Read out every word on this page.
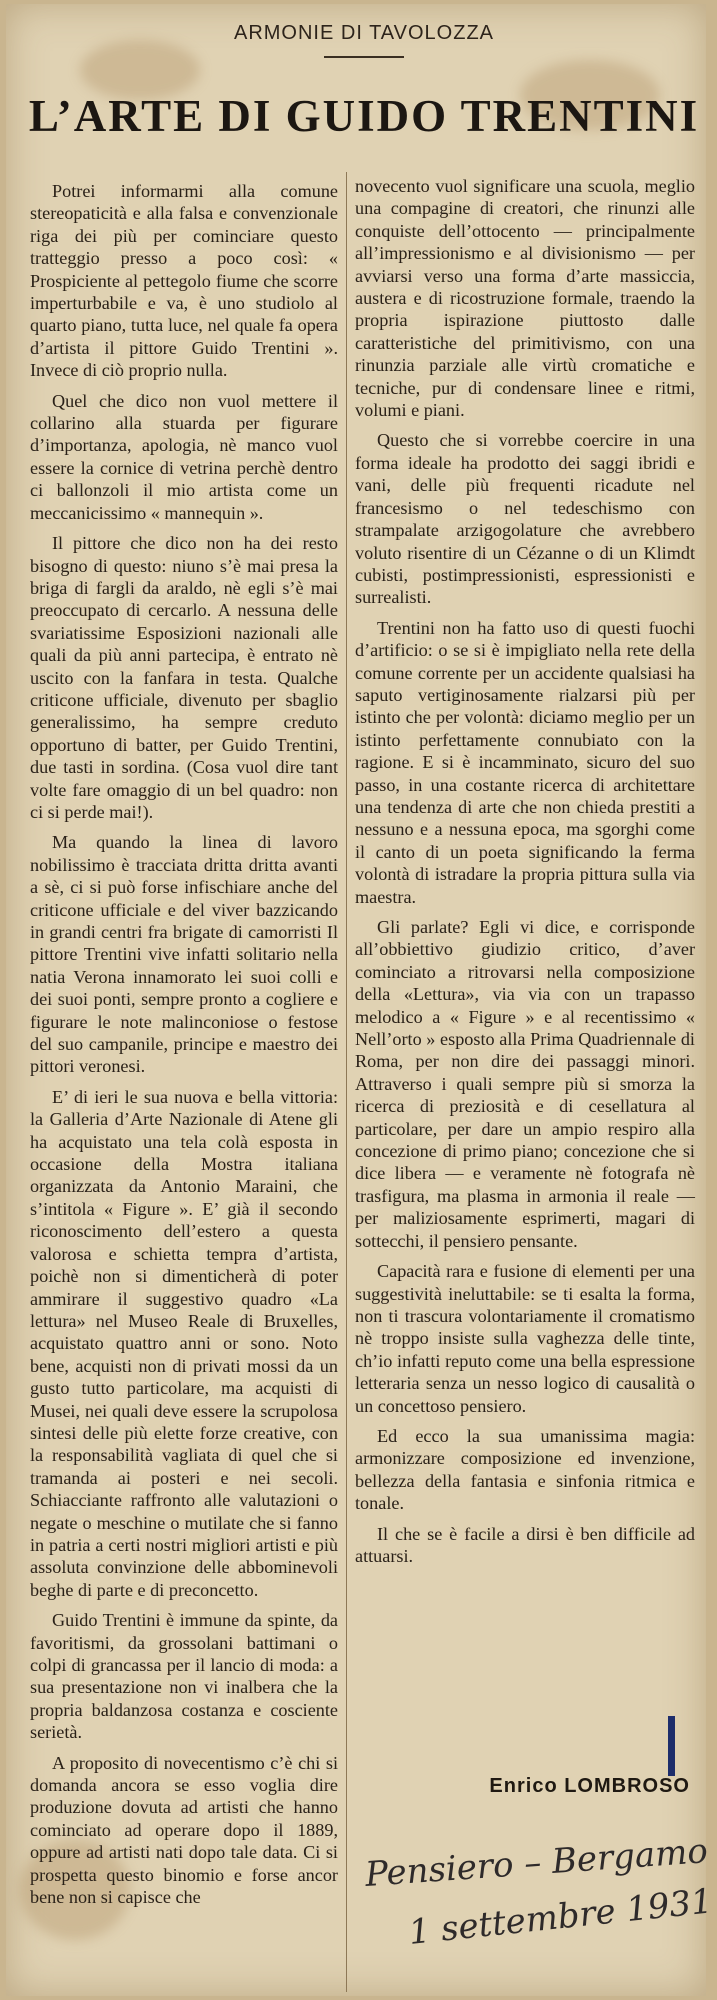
ARMONIE DI TAVOLOZZA
L’ARTE DI GUIDO TRENTINI

Potrei informarmi alla comune stereopaticità e alla falsa e convenzionale riga dei più per cominciare questo tratteggio presso a poco così: « Prospiciente al pettegolo fiume che scorre imperturbabile e va, è uno studiolo al quarto piano, tutta luce, nel quale fa opera d’artista il pittore Guido Trentini ». Invece di ciò proprio nulla.

Quel che dico non vuol mettere il collarino alla stuarda per figurare d’importanza, apologia, nè manco vuol essere la cornice di vetrina perchè dentro ci ballonzoli il mio artista come un meccanicissimo « mannequin ».

Il pittore che dico non ha dei resto bisogno di questo: niuno s’è mai presa la briga di fargli da araldo, nè egli s’è mai preoccupato di cercarlo. A nessuna delle svariatissime Esposizioni nazionali alle quali da più anni partecipa, è entrato nè uscito con la fanfara in testa. Qualche criticone ufficiale, divenuto per sbaglio generalissimo, ha sempre creduto opportuno di batter, per Guido Trentini, due tasti in sordina. (Cosa vuol dire tant volte fare omaggio di un bel quadro: non ci si perde mai!).

Ma quando la linea di lavoro nobilissimo è tracciata dritta dritta avanti a sè, ci si può forse infischiare anche del criticone ufficiale e del viver bazzicando in grandi centri fra brigate di camorristi Il pittore Trentini vive infatti solitario nella natia Verona innamorato lei suoi colli e dei suoi ponti, sempre pronto a cogliere e figurare le note malinconiose o festose del suo campanile, principe e maestro dei pittori veronesi.

E’ di ieri le sua nuova e bella vittoria: la Galleria d’Arte Nazionale di Atene gli ha acquistato una tela colà esposta in occasione della Mostra italiana organizzata da Antonio Maraini, che s’intitola « Figure ». E’ già il secondo riconoscimento dell’estero a questa valorosa e schietta tempra d’artista, poichè non si dimenticherà di poter ammirare il suggestivo quadro «La lettura» nel Museo Reale di Bruxelles, acquistato quattro anni or sono. Noto bene, acquisti non di privati mossi da un gusto tutto particolare, ma acquisti di Musei, nei quali deve essere la scrupolosa sintesi delle più elette forze creative, con la responsabilità vagliata di quel che si tramanda ai posteri e nei secoli. Schiacciante raffronto alle valutazioni o negate o meschine o mutilate che si fanno in patria a certi nostri migliori artisti e più assoluta convinzione delle abbominevoli beghe di parte e di preconcetto.

Guido Trentini è immune da spinte, da favoritismi, da grossolani battimani o colpi di grancassa per il lancio di moda: a sua presentazione non vi inalbera che la propria baldanzosa costanza e cosciente serietà.

A proposito di novecentismo c’è chi si domanda ancora se esso voglia dire produzione dovuta ad artisti che hanno cominciato ad operare dopo il 1889, oppure ad artisti nati dopo tale data. Ci si prospetta questo binomio e forse ancor bene non si capisce che

novecento vuol significare una scuola, meglio una compagine di creatori, che rinunzi alle conquiste dell’ottocento — principalmente all’impressionismo e al divisionismo — per avviarsi verso una forma d’arte massiccia, austera e di ricostruzione formale, traendo la propria ispirazione piuttosto dalle caratteristiche del primitivismo, con una rinunzia parziale alle virtù cromatiche e tecniche, pur di condensare linee e ritmi, volumi e piani.

Questo che si vorrebbe coercire in una forma ideale ha prodotto dei saggi ibridi e vani, delle più frequenti ricadute nel francesismo o nel tedeschismo con strampalate arzigogolature che avrebbero voluto risentire di un Cézanne o di un Klimdt cubisti, postimpressionisti, espressionisti e surrealisti.

Trentini non ha fatto uso di questi fuochi d’artificio: o se si è impigliato nella rete della comune corrente per un accidente qualsiasi ha saputo vertiginosamente rialzarsi più per istinto che per volontà: diciamo meglio per un istinto perfettamente connubiato con la ragione. E si è incamminato, sicuro del suo passo, in una costante ricerca di architettare una tendenza di arte che non chieda prestiti a nessuno e a nessuna epoca, ma sgorghi come il canto di un poeta significando la ferma volontà di istradare la propria pittura sulla via maestra.

Gli parlate? Egli vi dice, e corrisponde all’obbiettivo giudizio critico, d’aver cominciato a ritrovarsi nella composizione della «Lettura», via via con un trapasso melodico a « Figure » e al recentissimo « Nell’orto » esposto alla Prima Quadriennale di Roma, per non dire dei passaggi minori. Attraverso i quali sempre più si smorza la ricerca di preziosità e di cesellatura al particolare, per dare un ampio respiro alla concezione di primo piano; concezione che si dice libera — e veramente nè fotografa nè trasfigura, ma plasma in armonia il reale — per maliziosamente esprimerti, magari di sottecchi, il pensiero pensante.

Capacità rara e fusione di elementi per una suggestività ineluttabile: se ti esalta la forma, non ti trascura volontariamente il cromatismo nè troppo insiste sulla vaghezza delle tinte, ch’io infatti reputo come una bella espressione letteraria senza un nesso logico di causalità o un concettoso pensiero.

Ed ecco la sua umanissima magia: armonizzare composizione ed invenzione, bellezza della fantasia e sinfonia ritmica e tonale.

Il che se è facile a dirsi è ben difficile ad attuarsi.

Enrico LOMBROSO
Pensiero – Bergamo
1 settembre 1931
